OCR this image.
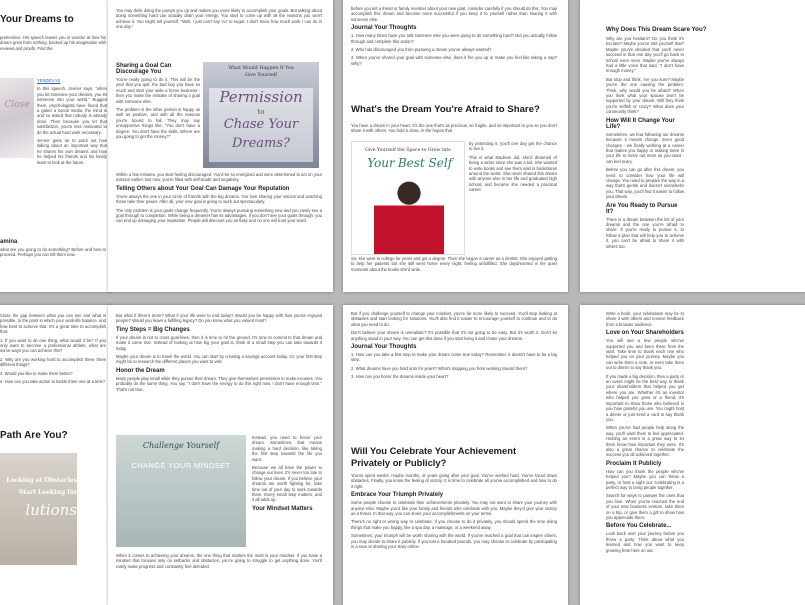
Your Dreams to

prehensive. His speech leaves you in wonder at how his dream grew from nothing, backed up his imagination with reviews and proofs. Find the

Close
YESDEV.YS

In this speech, Jenner says, "when you let someone your dreams, you let someone into your world." Bugged them, psychologists have found that a gated a social media, the mind is and so tested that nobody is already done. Then because you let that satisfaction, you're less motivated to do the actual hard work necessary.

Jenner goes on to point out how talking about an important way that he shares his own dreams and how he helped his friends and his family learn to look at the future.

amina

what are you going to do something? Before and how to proceed. Perhaps you can tell them now.

You may think doing the pumps you up and makes you more likely to accomplish your goals. But talking about doing something hard can actually drain your energy. You start to come up with all the reasons you won't achieve it. You might tell yourself, "Well, I just can't say 'no' to sugar. I don't know how much work I can do in one day."

Sharing a Goal Can Discourage You

You're really going to do it. This will be the year that you quit, the bad boy you have so much and start your wide a home business - then you make the mistake of sharing a goal with someone else.

The problem is the other person is happy as well as positive, and with all the reasons you're bound to fail. They may say unsupportive things like, "You don't have a degree. You don't have the skills. Where are you going to get the money?"

What Would Happen If You
Give Yourself
Permission
to
Chase Your
Dreams?

Within a few minutes, you start feeling discouraged. You'd be so energized and were determined to act on your mission earlier. But now, you're filled with self-doubt and negativity.

Telling Others about Your Goal Can Damage Your Reputation

You're always the one in your circle of friends with the big dreams. You love sharing your visions and watching these take their power. After all, your new goal is going to work out spectacularly.

The only problem is your goals change frequently. You're always pursuing something new and you rarely see a goal through to completion. While being a dreamer has its advantages, if you don't see your goals through, you can end up damaging your reputation. People will discount you as flaky and no one will trust your word.

before you tell a friend or family member about your new goal, consider carefully if you should do this. You may accomplish this dream and become more successful if you keep it to yourself rather than sharing it with someone else.

Journal Your Thoughts

1. How many times have you told someone else you were going to do something hard? Did you actually follow through and complete this action?

2. Who has discouraged you from pursuing a dream you've always wanted?

3. When you've shared your goal with someone else, does it fire you up or make you feel like taking a nap? Why?

What's the Dream You're Afraid to Share?

You have a dream in your heart. It's the one that's as precious, so fragile, and so important to you so you don't share it with others. You hold it close, in the hopes that

Give Yourself the Space to Grow into
Your Best Self

by protecting it, you'll one day get the chance to live it.

This is what Madison did, she'd dreamed of being a writer since she was a kid. She wanted to write books and see them sold in bookstores around the world. She never shared this dream with anyone else in her life and graduated high school, and became she needed a practical career.

So, she went to college for years and got a degree. Then she began a career as a dentist. She enjoyed getting to help her patients but she still went home every night, feeling unfulfilled. She daydreamed in the quiet moments about the books she'd write.

Why Does This Dream Scare You?

Why are you hesitant? Do you think it's too late? Maybe you've told yourself that? Maybe you've decided that you'll never succeed in that one day you'll go back to school even more. Maybe you've always had a little voice that said, "I don't have enough money."

But stop and think. Are you sure? Maybe you're the one causing the problem. Think, why would you be afraid? When you think what your spouse won't be supported by your dream. Will they think you're selfish or crazy? What does your community think?

How Will It Change Your Life?

Sometimes, we fear following our dreams because it means change. Even good changes - we finally working at a career that makes you happy or making more in your life to move out more as you want - can feel scary.

Before you can go after this dream, you need to consider how your life will change. You need to prepare the way in a way that's gentle and doesn't overwhelm you. That way, you'll find it easier to follow your dream.

Are You Ready to Pursue It?

There is a dream between the list of your dreams and the one you're afraid to share. If you're ready to pursue it, to follow a plan that will help you to achieve it, you can't be afraid to share it with others too.

Close the gap between what you can see and what is possible, to the point in which your work-life balance, and how best to achieve that. It's a great time to accomplish that.

1. If you want to do one thing, what would it be? If you only want to become a professional athlete, what are some ways you can achieve this?

2. Why are you working hard to accomplish these three different things?

3. Would you like to make them better?

4. How can you take action to tackle them one at a time?

Path Are You?
Looking at Obstacles
Start Looking for
lutions

But what if there's more? What if your life were to end today? Would you be happy with how you've enjoyed people? Would you leave a fulfilling legacy? Do you know what you valued most?

Tiny Steps = Big Changes

If your dream is not to cross goal-lines, then it is time to hit the ground. It's time to commit to that dream and make it come true. Instead of looking at how big your goal is, think of a small step you can take towards it today.

Maybe your dream is to travel the world. You can start by creating a savings account today. Or, your first step might be to research the different places you want to visit.

Honor the Dream

Many people play small while they pursue their dream. They give themselves permission to make excuses. You probably do the same thing. You say, "I don't have the energy to do this right now. I don't have enough time." That's not true.

Challenge Yourself
CHANGE YOUR MINDSET

Instead, you need to honor your dream. Sometimes, that means making a hard decision, like taking the first step towards the life you want.

Because we all have the power to change our lives. It's never too late to follow your dream. If you believe your dreams are worth fighting for, take time out of your day to work towards them. Every small step matters, and it all adds up.

Your Mindset Matters

When it comes to achieving your dreams, the one thing that matters the most is your mindset. If you have a mindset that focuses only on setbacks and obstacles, you're going to struggle to get anything done. You'll rarely make progress and constantly feel defeated.

But if you challenge yourself to change your mindset, you're far more likely to succeed. You'll stop looking at obstacles and start looking for solutions. You'll also find it easier to encourage yourself to continue and to do what you need to do.

Don't believe your dream is unrealistic? It's possible that it's not going to be easy. But it's worth it. Don't let anything stand in your way. You can get this done if you start living it and chase your dreams.

Journal Your Thoughts

1. How can you take a first step to make your dream come true today? Remember, it doesn't have to be a big step.

2. What dreams have you held onto for years? What's stopping you from working toward them?

3. How can you honor the dreams inside your heart?

Will You Celebrate Your Achievement Privately or Publicly?

You've spent weeks, maybe months, or years going after your goal. You've worked hard. You've faced down obstacles. Finally, you know the feeling of victory. It is time to celebrate all you've accomplished and how to do it right.

Embrace Your Triumph Privately

Some people choose to celebrate their achievements privately. You may not want to share your journey with anyone else. Maybe you'd like your family and friends who celebrate with you. Maybe they'd give your victory as a threat. In that way, you can share your accomplishments on your terms.

There's no right or wrong way to celebrate. If you choose to do it privately, you should spend the time doing things that make you happy, like a spa day, a massage, or a weekend away.

Sometimes, your triumph will be worth sharing with the world. If you've reached a goal that can inspire others, you may decide to share it publicly. If you lost a hundred pounds, you may choose to celebrate by participating in a race or sharing your story online.

Write a book, your celebration may be to share it with others and receive feedback from a broader audience.

Love on Your Shareholders

You will see a few people who've supported you and been there from the start. Take time to thank each one who helped you on your journey. Maybe you can write them a note, or even take them out to dinner to say thank you.

If you made a big decision, then a party or an event might be the best way to thank your shareholders that helped you get where you are. Whether it's an investor who helped you grow or a friend, it's important to show those who believed in you how grateful you are. You might host a dinner or just send a card to say thank you.

When you've had people help along the way, you'll want them to feel appreciated. Hosting an event is a great way to let them know how important they were. It's also a great chance to celebrate the success you all achieved together.

Proclaim It Publicly

How can you thank the people who've helped you? Maybe you can throw a party, or host a night out. Celebrating is a perfect way to bring people together.

Search for ways to pamper the ones that you love. When you've reached the end of your new business venture, take them on a trip, or give them a gift to show how you appreciate them.

Before You Celebrate...

Look back over your journey before you throw a party. Think about what you learned and how you want to keep growing from here on out.
